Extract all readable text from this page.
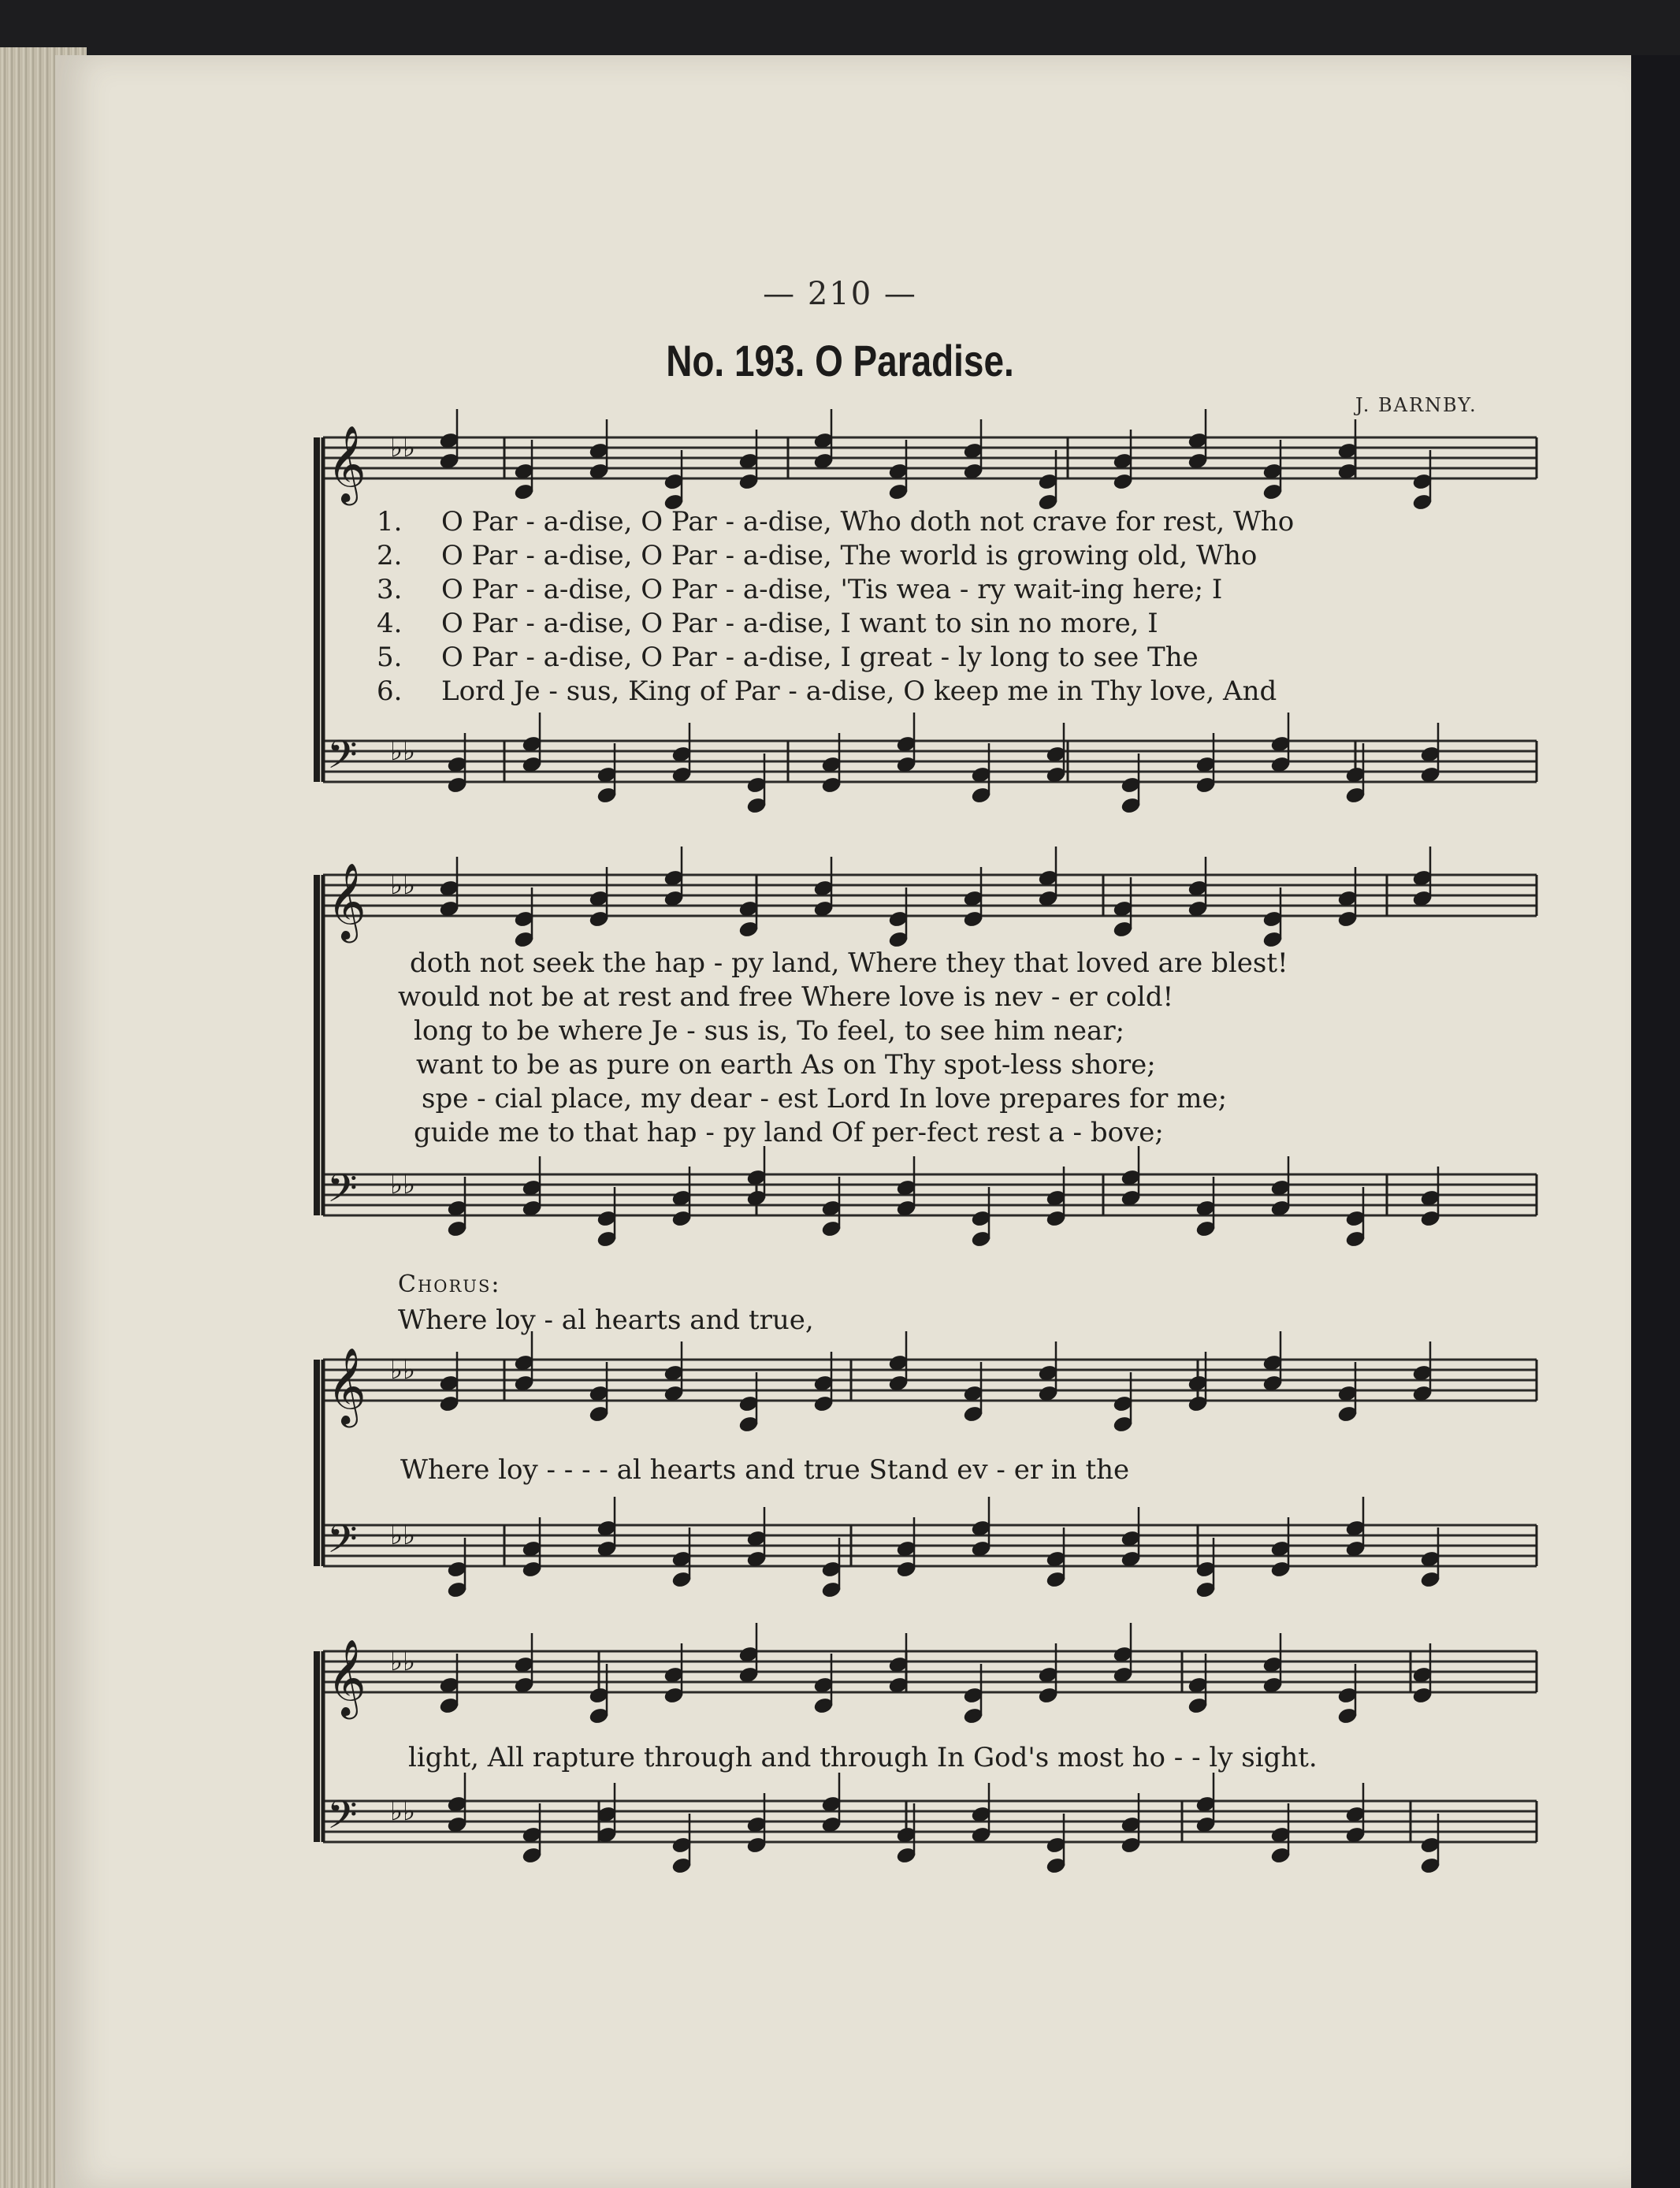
— 210 —
No. 193. O Paradise.
J. BARNBY.
𝄞 ♭♭
𝄢 ♭♭
𝄞 ♭♭
𝄢 ♭♭
𝄞 ♭♭
𝄢 ♭♭
𝄞 ♭♭
𝄢 ♭♭
1. O Par - a-dise, O Par - a-dise, Who doth not crave for rest, Who
2. O Par - a-dise, O Par - a-dise, The world is growing old, Who
3. O Par - a-dise, O Par - a-dise, 'Tis wea - ry wait-ing here; I
4. O Par - a-dise, O Par - a-dise, I want to sin no more, I
5. O Par - a-dise, O Par - a-dise, I great - ly long to see The
6. Lord Je - sus, King of Par - a-dise, O keep me in Thy love, And
doth not seek the hap - py land, Where they that loved are blest!
would not be at rest and free Where love is nev - er cold!
long to be where Je - sus is, To feel, to see him near;
want to be as pure on earth As on Thy spot-less shore;
spe - cial place, my dear - est Lord In love prepares for me;
guide me to that hap - py land Of per-fect rest a - bove;
Chorus:
Where loy - al hearts and true,
Where loy - - - - al hearts and true Stand ev - er in the
light, All rapture through and through In God's most ho - - ly sight.
